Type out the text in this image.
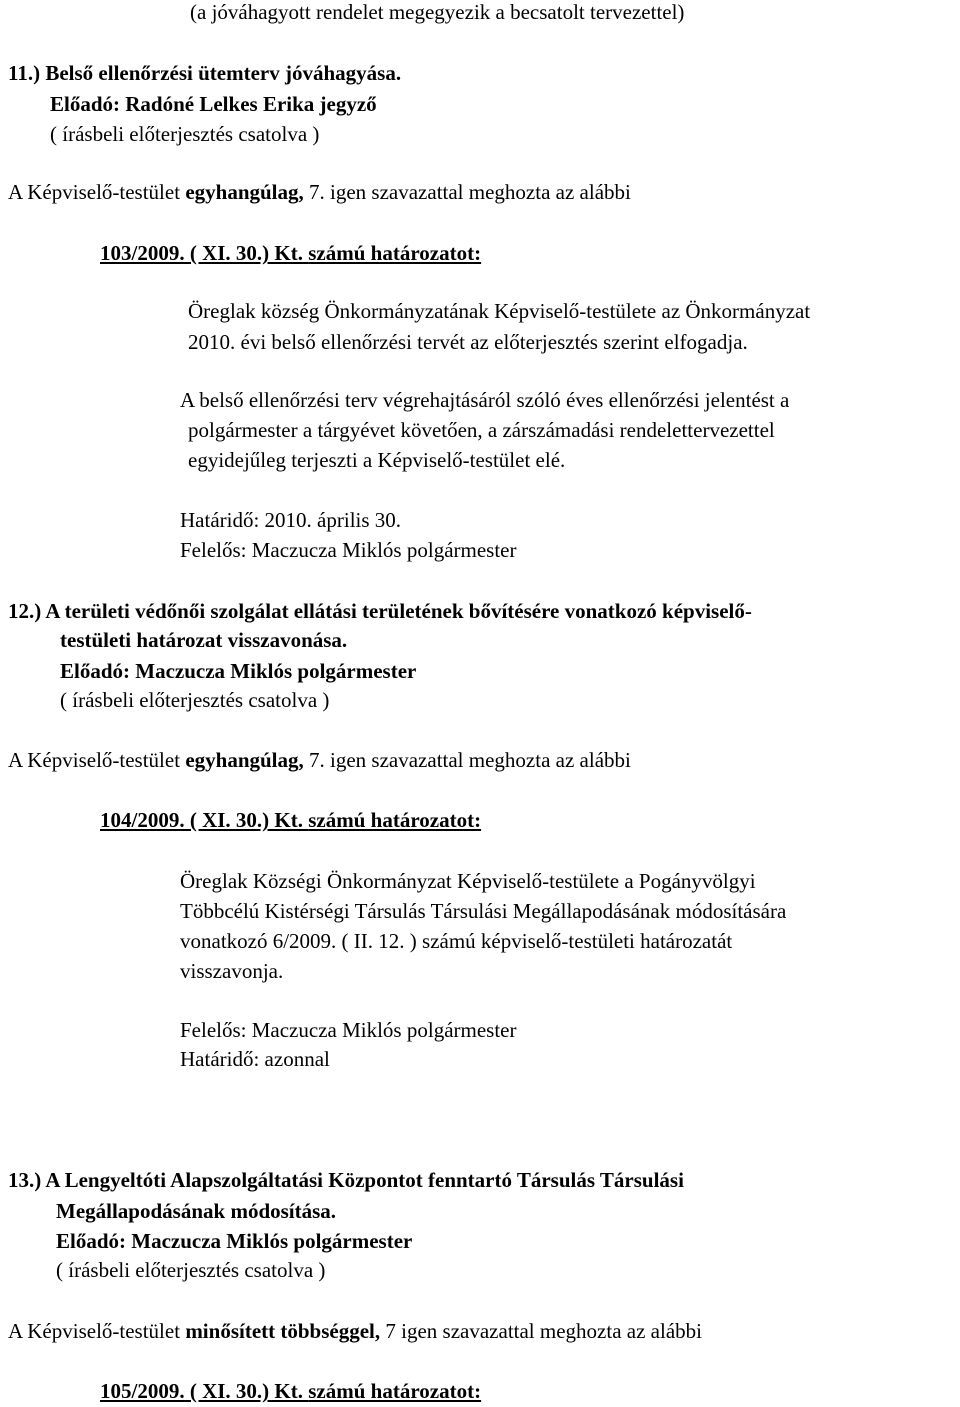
(a jóváhagyott rendelet megegyezik a becsatolt tervezettel)
11.) Belső ellenőrzési ütemterv jóváhagyása.
Előadó: Radóné Lelkes Erika jegyző
( írásbeli előterjesztés csatolva )
A Képviselő-testület egyhangúlag, 7. igen szavazattal meghozta az alábbi
103/2009. ( XI. 30.) Kt. számú határozatot:
Öreglak község Önkormányzatának Képviselő-testülete az Önkormányzat
2010. évi belső ellenőrzési tervét az előterjesztés szerint elfogadja.
A belső ellenőrzési terv végrehajtásáról szóló éves ellenőrzési jelentést a
polgármester a tárgyévet követően, a zárszámadási rendelettervezettel
egyidejűleg terjeszti a Képviselő-testület elé.
Határidő: 2010. április 30.
Felelős: Maczucza Miklós polgármester
12.) A területi védőnői szolgálat ellátási területének bővítésére vonatkozó képviselő-
testületi határozat visszavonása.
Előadó: Maczucza Miklós polgármester
( írásbeli előterjesztés csatolva )
A Képviselő-testület egyhangúlag, 7. igen szavazattal meghozta az alábbi
104/2009. ( XI. 30.) Kt. számú határozatot:
Öreglak Községi Önkormányzat Képviselő-testülete a Pogányvölgyi
Többcélú Kistérségi Társulás Társulási Megállapodásának módosítására
vonatkozó 6/2009. ( II. 12. ) számú képviselő-testületi határozatát
visszavonja.
Felelős: Maczucza Miklós polgármester
Határidő: azonnal
13.) A Lengyeltóti Alapszolgáltatási Központot fenntartó Társulás Társulási
Megállapodásának módosítása.
Előadó: Maczucza Miklós polgármester
( írásbeli előterjesztés csatolva )
A Képviselő-testület minősített többséggel, 7 igen szavazattal meghozta az alábbi
105/2009. ( XI. 30.) Kt. számú határozatot:
